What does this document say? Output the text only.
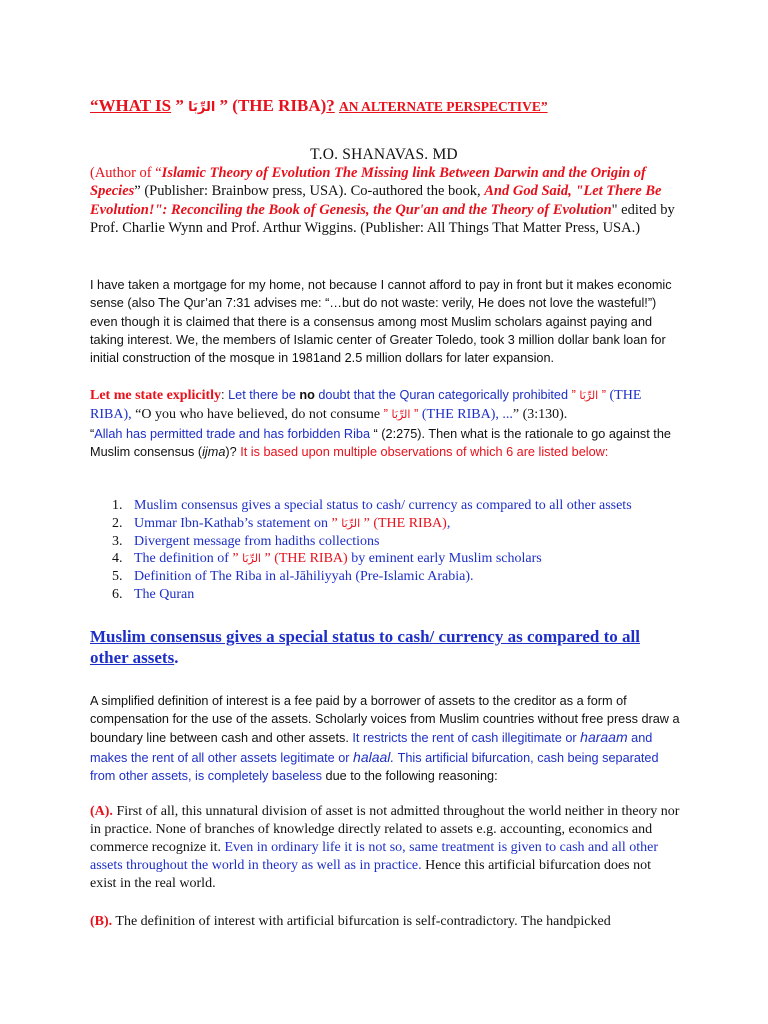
“WHAT IS ” الرِّبَا ” (THE RIBA)? AN ALTERNATE PERSPECTIVE”
T.O. SHANAVAS. MD
(Author of “Islamic Theory of Evolution The Missing link Between Darwin and the Origin of Species” (Publisher: Brainbow press, USA). Co-authored the book, And God Said, "Let There Be Evolution!": Reconciling the Book of Genesis, the Qur'an and the Theory of Evolution" edited by Prof. Charlie Wynn and Prof. Arthur Wiggins. (Publisher: All Things That Matter Press, USA.)
I have taken a mortgage for my home, not because I cannot afford to pay in front but it makes economic sense (also The Qur’an 7:31 advises me: “…but do not waste: verily, He does not love the wasteful!”) even though it is claimed that there is a consensus among most Muslim scholars against paying and taking interest. We, the members of Islamic center of Greater Toledo, took 3 million dollar bank loan for initial construction of the mosque in 1981and 2.5 million dollars for later expansion.
Let me state explicitly: Let there be no doubt that the Quran categorically prohibited ” الرِّبَا ” (THE RIBA), “O you who have believed, do not consume ” الرِّبَا ” (THE RIBA), ...” (3:130).
“Allah has permitted trade and has forbidden Riba “ (2:275). Then what is the rationale to go against the Muslim consensus (ijma)? It is based upon multiple observations of which 6 are listed below:
1. Muslim consensus gives a special status to cash/ currency as compared to all other assets
2. Ummar Ibn-Kathab’s statement on ” الرِّبَا ” (THE RIBA),
3. Divergent message from hadiths collections
4. The definition of ” الرِّبَا ” (THE RIBA) by eminent early Muslim scholars
5. Definition of The Riba in al-Jāhiliyyah (Pre-Islamic Arabia).
6. The Quran
Muslim consensus gives a special status to cash/ currency as compared to all other assets.
A simplified definition of interest is a fee paid by a borrower of assets to the creditor as a form of compensation for the use of the assets. Scholarly voices from Muslim countries without free press draw a boundary line between cash and other assets. It restricts the rent of cash illegitimate or haraam and makes the rent of all other assets legitimate or halaal. This artificial bifurcation, cash being separated from other assets, is completely baseless due to the following reasoning:
(A). First of all, this unnatural division of asset is not admitted throughout the world neither in theory nor in practice. None of branches of knowledge directly related to assets e.g. accounting, economics and commerce recognize it. Even in ordinary life it is not so, same treatment is given to cash and all other assets throughout the world in theory as well as in practice. Hence this artificial bifurcation does not exist in the real world.
(B). The definition of interest with artificial bifurcation is self-contradictory. The handpicked
